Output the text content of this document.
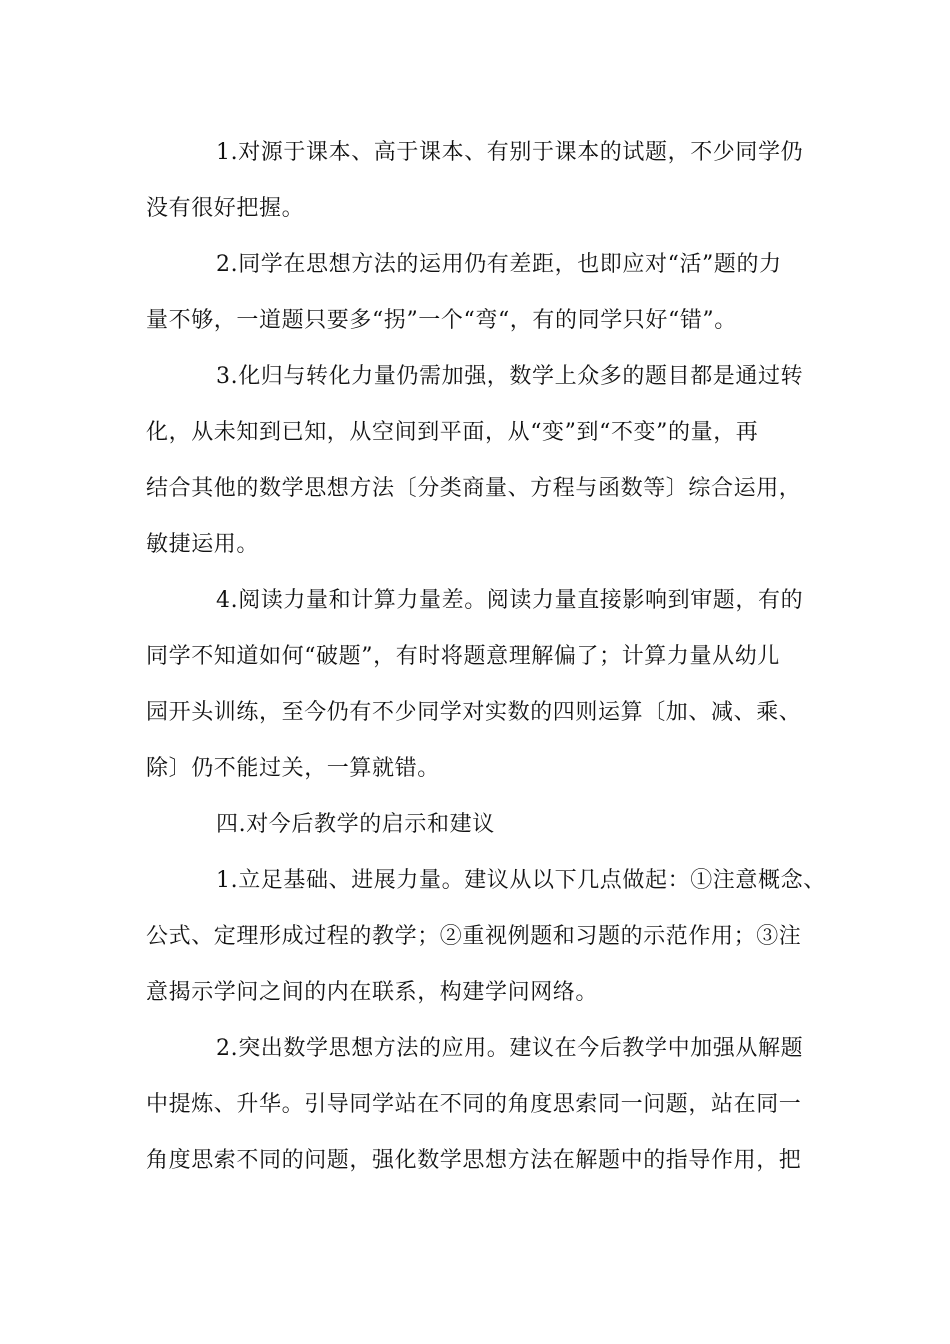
1.对源于课本、高于课本、有别于课本的试题，不少同学仍
没有很好把握。
2.同学在思想方法的运用仍有差距，也即应对“活”题的力
量不够，一道题只要多“拐”一个“弯“，有的同学只好“错”。
3.化归与转化力量仍需加强，数学上众多的题目都是通过转
化，从未知到已知，从空间到平面，从“变”到“不变”的量，再
结合其他的数学思想方法〔分类商量、方程与函数等〕综合运用，
敏捷运用。
4.阅读力量和计算力量差。阅读力量直接影响到审题，有的
同学不知道如何“破题”，有时将题意理解偏了；计算力量从幼儿
园开头训练，至今仍有不少同学对实数的四则运算〔加、减、乘、
除〕仍不能过关，一算就错。
四.对今后教学的启示和建议
1.立足基础、进展力量。建议从以下几点做起：①注意概念、
公式、定理形成过程的教学；②重视例题和习题的示范作用；③注
意揭示学问之间的内在联系，构建学问网络。
2.突出数学思想方法的应用。建议在今后教学中加强从解题
中提炼、升华。引导同学站在不同的角度思索同一问题，站在同一
角度思索不同的问题，强化数学思想方法在解题中的指导作用，把
